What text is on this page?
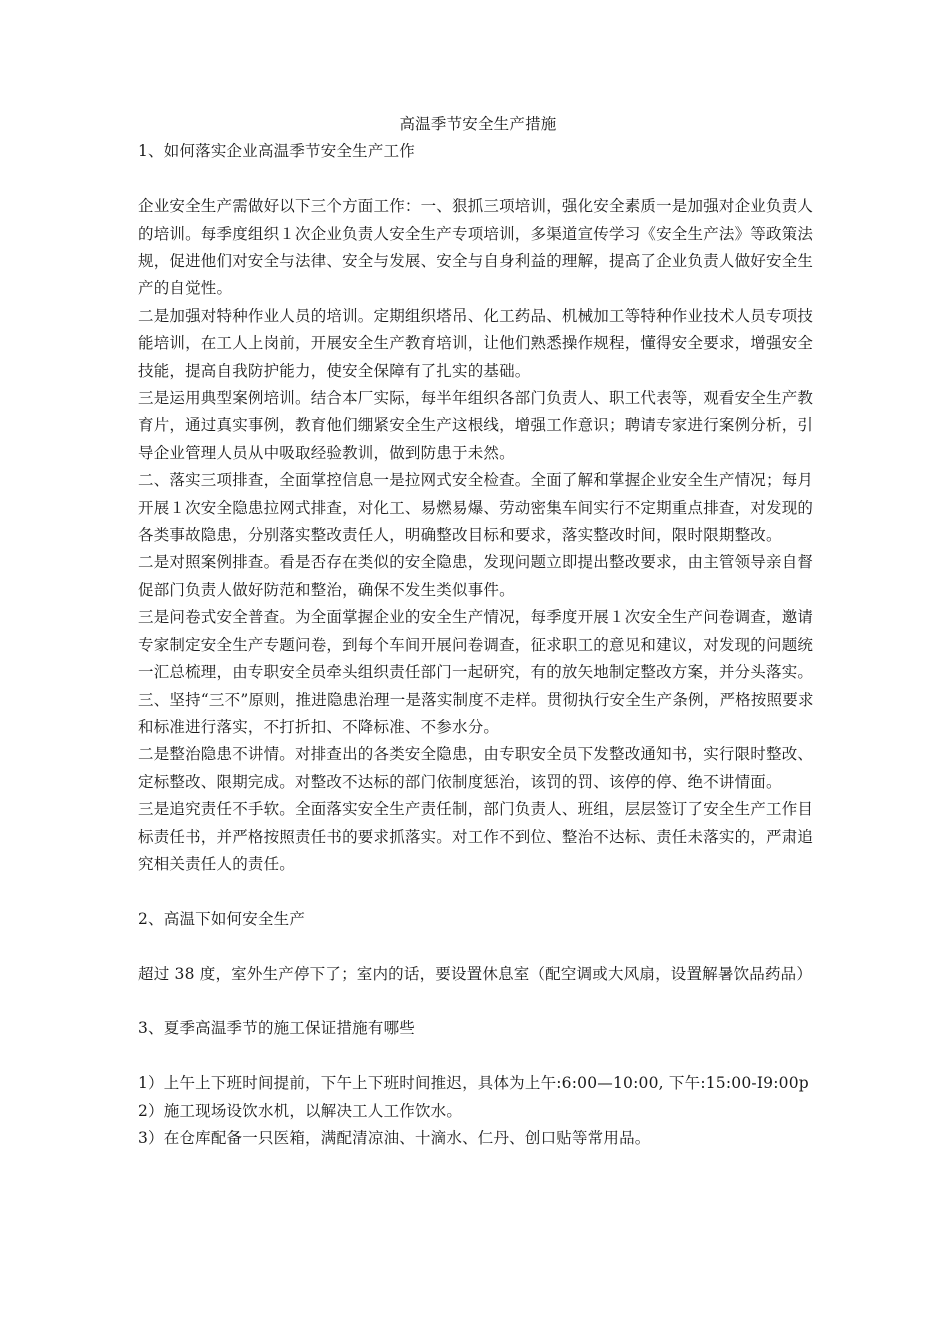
高温季节安全生产措施

1、如何落实企业高温季节安全生产工作

企业安全生产需做好以下三个方面工作：一、狠抓三项培训，强化安全素质一是加强对企业负责人的培训。每季度组织１次企业负责人安全生产专项培训，多渠道宣传学习《安全生产法》等政策法规，促进他们对安全与法律、安全与发展、安全与自身利益的理解，提高了企业负责人做好安全生产的自觉性。

二是加强对特种作业人员的培训。定期组织塔吊、化工药品、机械加工等特种作业技术人员专项技能培训，在工人上岗前，开展安全生产教育培训，让他们熟悉操作规程，懂得安全要求，增强安全技能，提高自我防护能力，使安全保障有了扎实的基础。

三是运用典型案例培训。结合本厂实际，每半年组织各部门负责人、职工代表等，观看安全生产教育片，通过真实事例，教育他们绷紧安全生产这根线，增强工作意识；聘请专家进行案例分析，引导企业管理人员从中吸取经验教训，做到防患于未然。

二、落实三项排查，全面掌控信息一是拉网式安全检查。全面了解和掌握企业安全生产情况；每月开展１次安全隐患拉网式排查，对化工、易燃易爆、劳动密集车间实行不定期重点排查，对发现的各类事故隐患，分别落实整改责任人，明确整改目标和要求，落实整改时间，限时限期整改。

二是对照案例排查。看是否存在类似的安全隐患，发现问题立即提出整改要求，由主管领导亲自督促部门负责人做好防范和整治，确保不发生类似事件。

三是问卷式安全普查。为全面掌握企业的安全生产情况，每季度开展１次安全生产问卷调查，邀请专家制定安全生产专题问卷，到每个车间开展问卷调查，征求职工的意见和建议，对发现的问题统一汇总梳理，由专职安全员牵头组织责任部门一起研究，有的放矢地制定整改方案，并分头落实。

三、坚持“三不”原则，推进隐患治理一是落实制度不走样。贯彻执行安全生产条例，严格按照要求和标准进行落实，不打折扣、不降标准、不参水分。

二是整治隐患不讲情。对排查出的各类安全隐患，由专职安全员下发整改通知书，实行限时整改、定标整改、限期完成。对整改不达标的部门依制度惩治，该罚的罚、该停的停、绝不讲情面。

三是追究责任不手软。全面落实安全生产责任制，部门负责人、班组，层层签订了安全生产工作目标责任书，并严格按照责任书的要求抓落实。对工作不到位、整治不达标、责任未落实的，严肃追究相关责任人的责任。

2、高温下如何安全生产

超过 38 度，室外生产停下了；室内的话，要设置休息室（配空调或大风扇，设置解暑饮品药品）

3、夏季高温季节的施工保证措施有哪些

1）上午上下班时间提前，下午上下班时间推迟，具体为上午:6:00—10:00, 下午:15:00-I9:00p

2）施工现场设饮水机，以解决工人工作饮水。

3）在仓库配备一只医箱，满配清凉油、十滴水、仁丹、创口贴等常用品。
